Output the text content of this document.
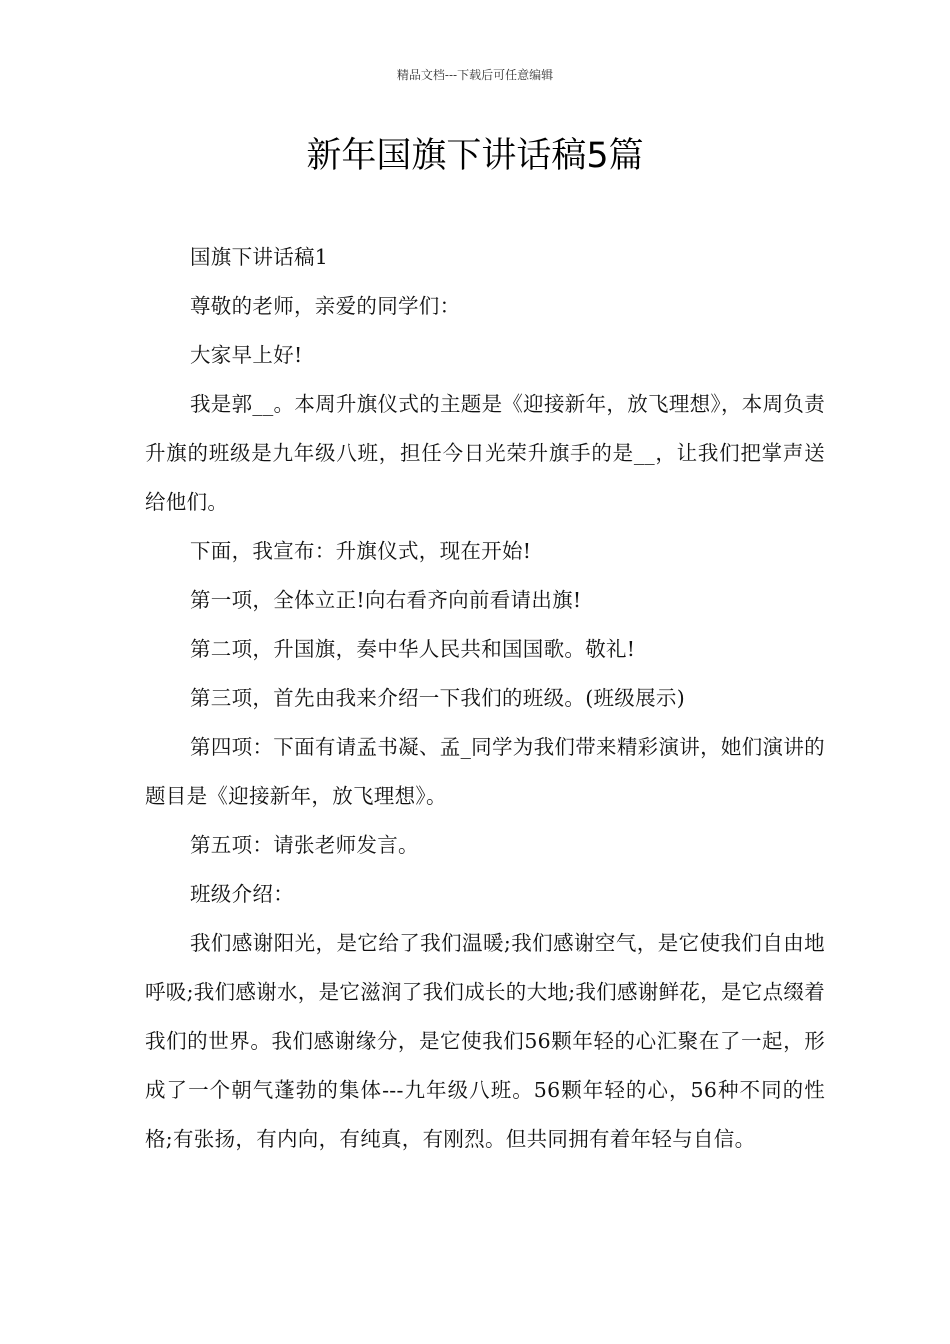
精品文档---下载后可任意编辑
新年国旗下讲话稿5篇

国旗下讲话稿1

尊敬的老师，亲爱的同学们：

大家早上好!

我是郭__。本周升旗仪式的主题是《迎接新年，放飞理想》，本周负责升旗的班级是九年级八班，担任今日光荣升旗手的是__，让我们把掌声送给他们。

下面，我宣布：升旗仪式，现在开始!

第一项，全体立正!向右看齐向前看请出旗!

第二项，升国旗，奏中华人民共和国国歌。敬礼!

第三项，首先由我来介绍一下我们的班级。(班级展示)

第四项：下面有请孟书凝、孟_同学为我们带来精彩演讲，她们演讲的题目是《迎接新年，放飞理想》。

第五项：请张老师发言。

班级介绍：

我们感谢阳光，是它给了我们温暖;我们感谢空气，是它使我们自由地呼吸;我们感谢水，是它滋润了我们成长的大地;我们感谢鲜花，是它点缀着我们的世界。我们感谢缘分，是它使我们56颗年轻的心汇聚在了一起，形成了一个朝气蓬勃的集体---九年级八班。56颗年轻的心，56种不同的性格;有张扬，有内向，有纯真，有刚烈。但共同拥有着年轻与自信。
